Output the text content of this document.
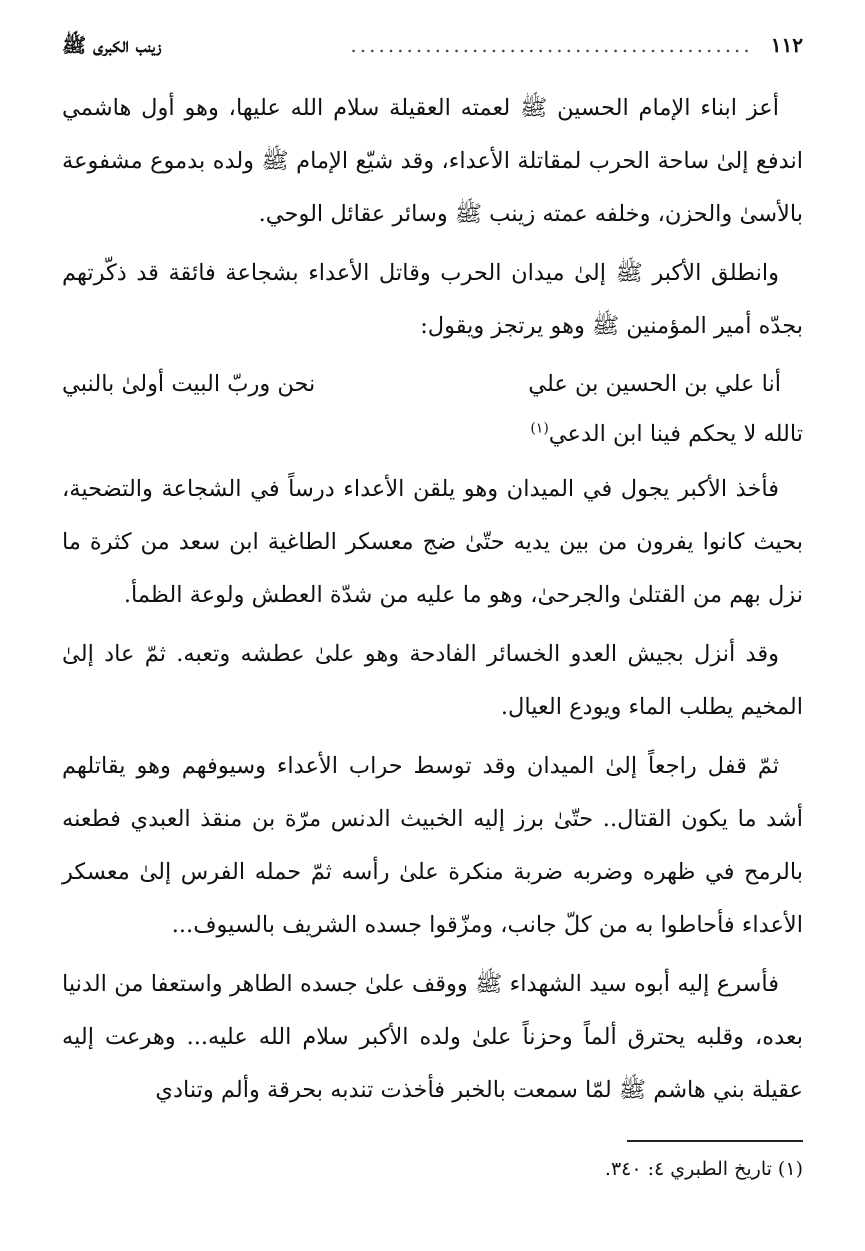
١١٢
...........................................
زينب الكبرى ﷺ

أعز ابناء الإمام الحسين ﷺ لعمته العقيلة سلام الله عليها، وهو أول هاشمي اندفع إلىٰ ساحة الحرب لمقاتلة الأعداء، وقد شيّع الإمام ﷺ ولده بدموع مشفوعة بالأسىٰ والحزن، وخلفه عمته زينب ﷺ وسائر عقائل الوحي.

وانطلق الأكبر ﷺ إلىٰ ميدان الحرب وقاتل الأعداء بشجاعة فائقة قد ذكّرتهم بجدّه أمير المؤمنين ﷺ وهو يرتجز ويقول:

أنا علي بن الحسين بن علي
نحن وربّ البيت أولىٰ بالنبي
تالله لا يحكم فينا ابن الدعي$^{(١)}$

فأخذ الأكبر يجول في الميدان وهو يلقن الأعداء درساً في الشجاعة والتضحية، بحيث كانوا يفرون من بين يديه حتّىٰ ضج معسكر الطاغية ابن سعد من كثرة ما نزل بهم من القتلىٰ والجرحىٰ، وهو ما عليه من شدّة العطش ولوعة الظمأ.

وقد أنزل بجيش العدو الخسائر الفادحة وهو علىٰ عطشه وتعبه. ثمّ عاد إلىٰ المخيم يطلب الماء ويودع العيال.

ثمّ قفل راجعاً إلىٰ الميدان وقد توسط حراب الأعداء وسيوفهم وهو يقاتلهم أشد ما يكون القتال.. حتّىٰ برز إليه الخبيث الدنس مرّة بن منقذ العبدي فطعنه بالرمح في ظهره وضربه ضربة منكرة علىٰ رأسه ثمّ حمله الفرس إلىٰ معسكر الأعداء فأحاطوا به من كلّ جانب، ومزّقوا جسده الشريف بالسيوف...

فأسرع إليه أبوه سيد الشهداء ﷺ ووقف علىٰ جسده الطاهر واستعفا من الدنيا بعده، وقلبه يحترق ألماً وحزناً علىٰ ولده الأكبر سلام الله عليه... وهرعت إليه عقيلة بني هاشم ﷺ لمّا سمعت بالخبر فأخذت تندبه بحرقة وألم وتنادي

(١) تاريخ الطبري ٤: ٣٤٠.
